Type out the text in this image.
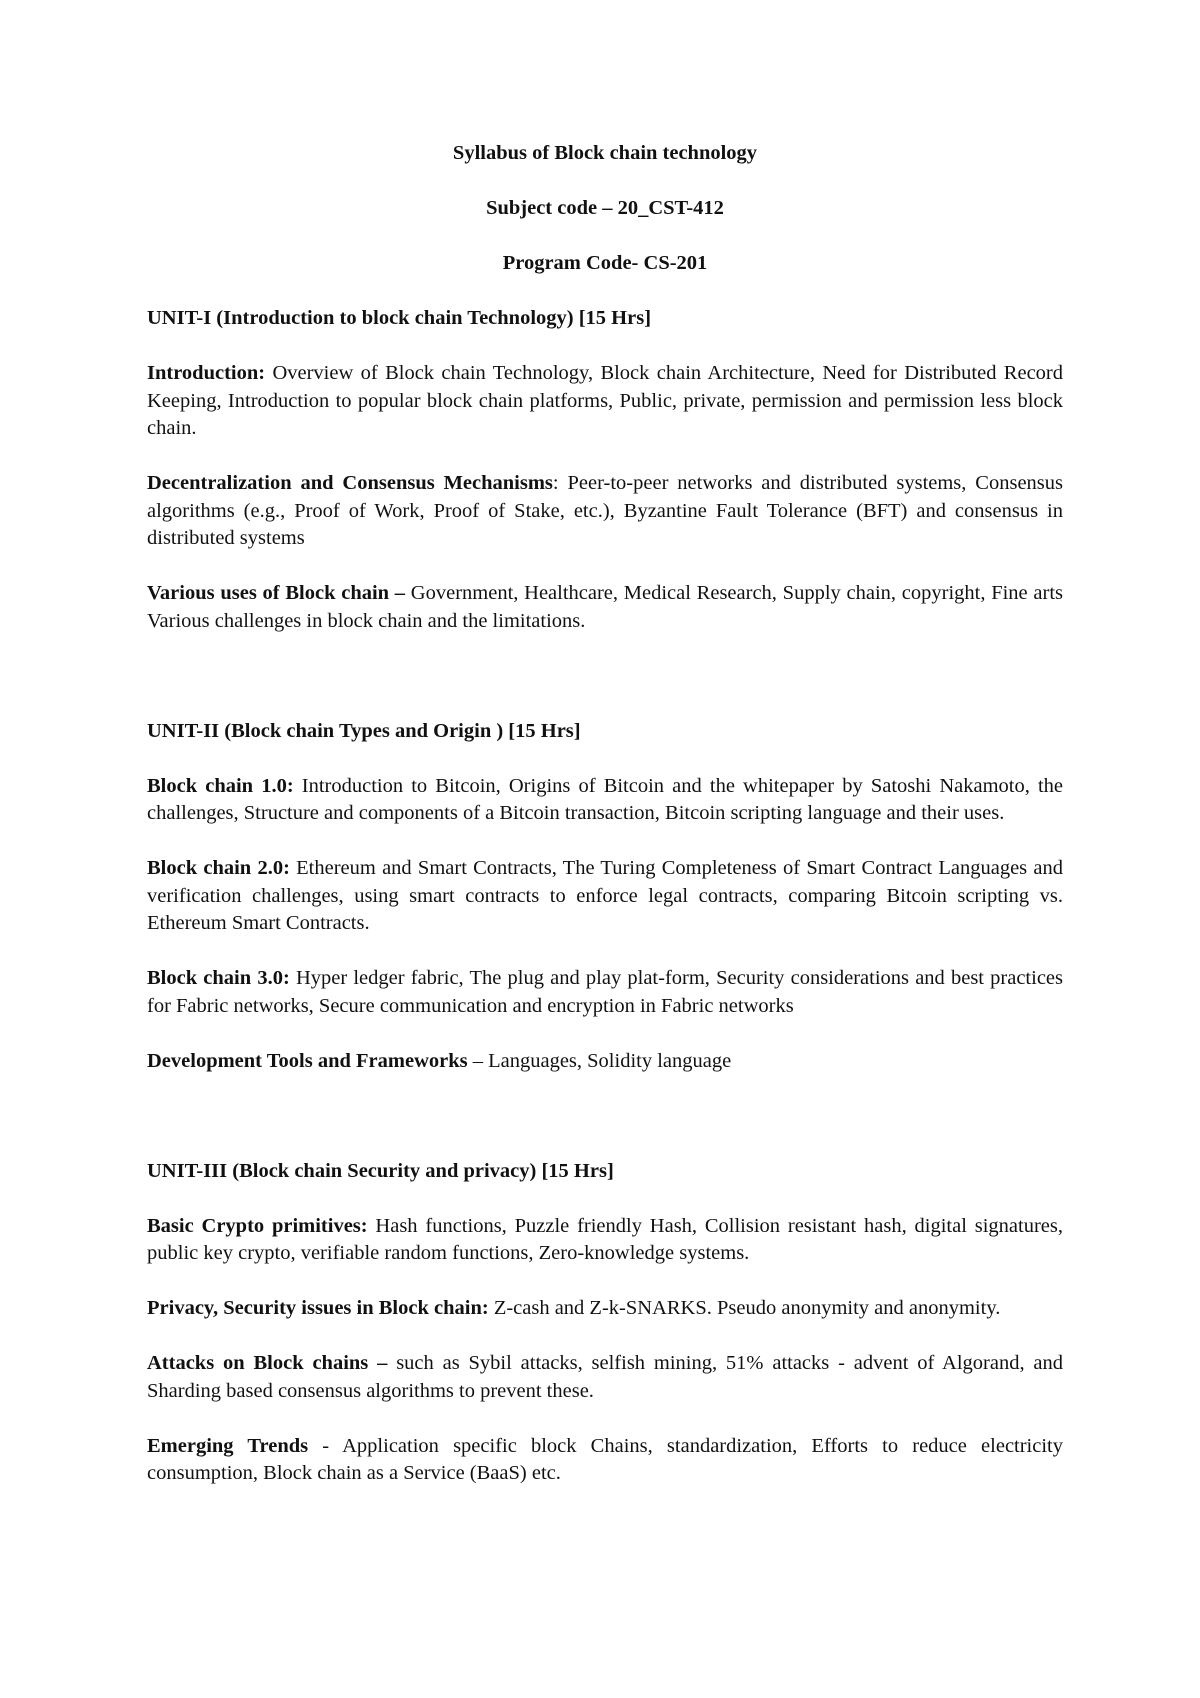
Syllabus of Block chain technology

Subject code – 20_CST-412

Program Code- CS-201

UNIT-I (Introduction to block chain Technology) [15 Hrs]

Introduction: Overview of Block chain Technology, Block chain Architecture, Need for Distributed Record Keeping, Introduction to popular block chain platforms, Public, private, permission and permission less block chain.

Decentralization and Consensus Mechanisms: Peer-to-peer networks and distributed systems, Consensus algorithms (e.g., Proof of Work, Proof of Stake, etc.), Byzantine Fault Tolerance (BFT) and consensus in distributed systems

Various uses of Block chain – Government, Healthcare, Medical Research, Supply chain, copyright, Fine arts Various challenges in block chain and the limitations.

UNIT-II (Block chain Types and Origin ) [15 Hrs]

Block chain 1.0: Introduction to Bitcoin, Origins of Bitcoin and the whitepaper by Satoshi Nakamoto, the challenges, Structure and components of a Bitcoin transaction, Bitcoin scripting language and their uses.

Block chain 2.0: Ethereum and Smart Contracts, The Turing Completeness of Smart Contract Languages and verification challenges, using smart contracts to enforce legal contracts, comparing Bitcoin scripting vs. Ethereum Smart Contracts.

Block chain 3.0: Hyper ledger fabric, The plug and play plat-form, Security considerations and best practices for Fabric networks, Secure communication and encryption in Fabric networks

Development Tools and Frameworks – Languages, Solidity language

UNIT-III (Block chain Security and privacy) [15 Hrs]

Basic Crypto primitives: Hash functions, Puzzle friendly Hash, Collision resistant hash, digital signatures, public key crypto, verifiable random functions, Zero-knowledge systems.

Privacy, Security issues in Block chain: Z-cash and Z-k-SNARKS. Pseudo anonymity and anonymity.

Attacks on Block chains – such as Sybil attacks, selfish mining, 51% attacks - advent of Algorand, and Sharding based consensus algorithms to prevent these.

Emerging Trends - Application specific block Chains, standardization, Efforts to reduce electricity consumption, Block chain as a Service (BaaS) etc.
